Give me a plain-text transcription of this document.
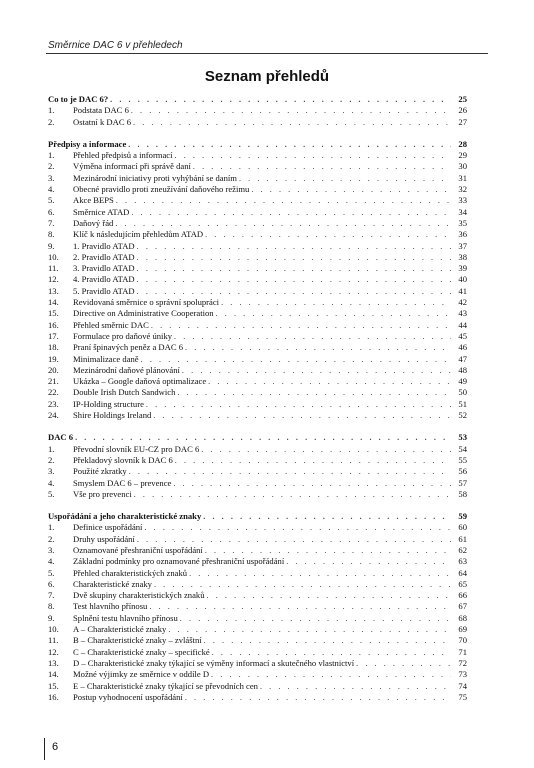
Směrnice DAC 6 v přehledech
Seznam přehledů
Co to je DAC 6? . . .	25
1.	Podstata DAC 6 . . .	26
2.	Ostatní k DAC 6 . . .	27
Předpisy a informace . . .	28
1.	Přehled předpisů a informací . . .	29
2.	Výměna informací při správě daní . . .	30
3.	Mezinárodní iniciativy proti vyhýbání se daním . . .	31
4.	Obecné pravidlo proti zneužívání daňového režimu . . .	32
5.	Akce BEPS . . .	33
6.	Směrnice ATAD . . .	34
7.	Daňový řád . . .	35
8.	Klíč k následujícím přehledům ATAD . . .	36
9.	1. Pravidlo ATAD . . .	37
10.	2. Pravidlo ATAD . . .	38
11.	3. Pravidlo ATAD . . .	39
12.	4. Pravidlo ATAD . . .	40
13.	5. Pravidlo ATAD . . .	41
14.	Revidovaná směrnice o správní spolupráci . . .	42
15.	Directive on Administrative Cooperation . . .	43
16.	Přehled směrnic DAC . . .	44
17.	Formulace pro daňové úniky . . .	45
18.	Praní špinavých peněz a DAC 6 . . .	46
19.	Minimalizace daně . . .	47
20.	Mezinárodní daňové plánování . . .	48
21.	Ukázka – Google daňová optimalizace . . .	49
22.	Double Irish Dutch Sandwich . . .	50
23.	IP-Holding structure . . .	51
24.	Shire Holdings Ireland . . .	52
DAC 6 . . .	53
1.	Převodní slovník EU-CZ pro DAC 6 . . .	54
2.	Překladový slovník k DAC 6 . . .	55
3.	Použité zkratky . . .	56
4.	Smyslem DAC 6 – prevence . . .	57
5.	Vše pro prevenci . . .	58
Uspořádání a jeho charakteristické znaky . . .	59
1.	Definice uspořádání . . .	60
2.	Druhy uspořádání . . .	61
3.	Oznamované přeshraniční uspořádání . . .	62
4.	Základní podmínky pro oznamované přeshraniční uspořádání . . .	63
5.	Přehled charakteristických znaků . . .	64
6.	Charakteristické znaky . . .	65
7.	Dvě skupiny charakteristických znaků . . .	66
8.	Test hlavního přínosu . . .	67
9.	Splnění testu hlavního přínosu . . .	68
10.	A – Charakteristické znaky . . .	69
11.	B – Charakteristické znaky – zvláštní . . .	70
12.	C – Charakteristické znaky – specifické . . .	71
13.	D – Charakteristické znaky týkající se výměny informací a skutečného vlastnictví . . .	72
14.	Možné výjimky ze směrnice v oddíle D . . .	73
15.	E – Charakteristické znaky týkající se převodních cen . . .	74
16.	Postup vyhodnocení uspořádání . . .	75
6
